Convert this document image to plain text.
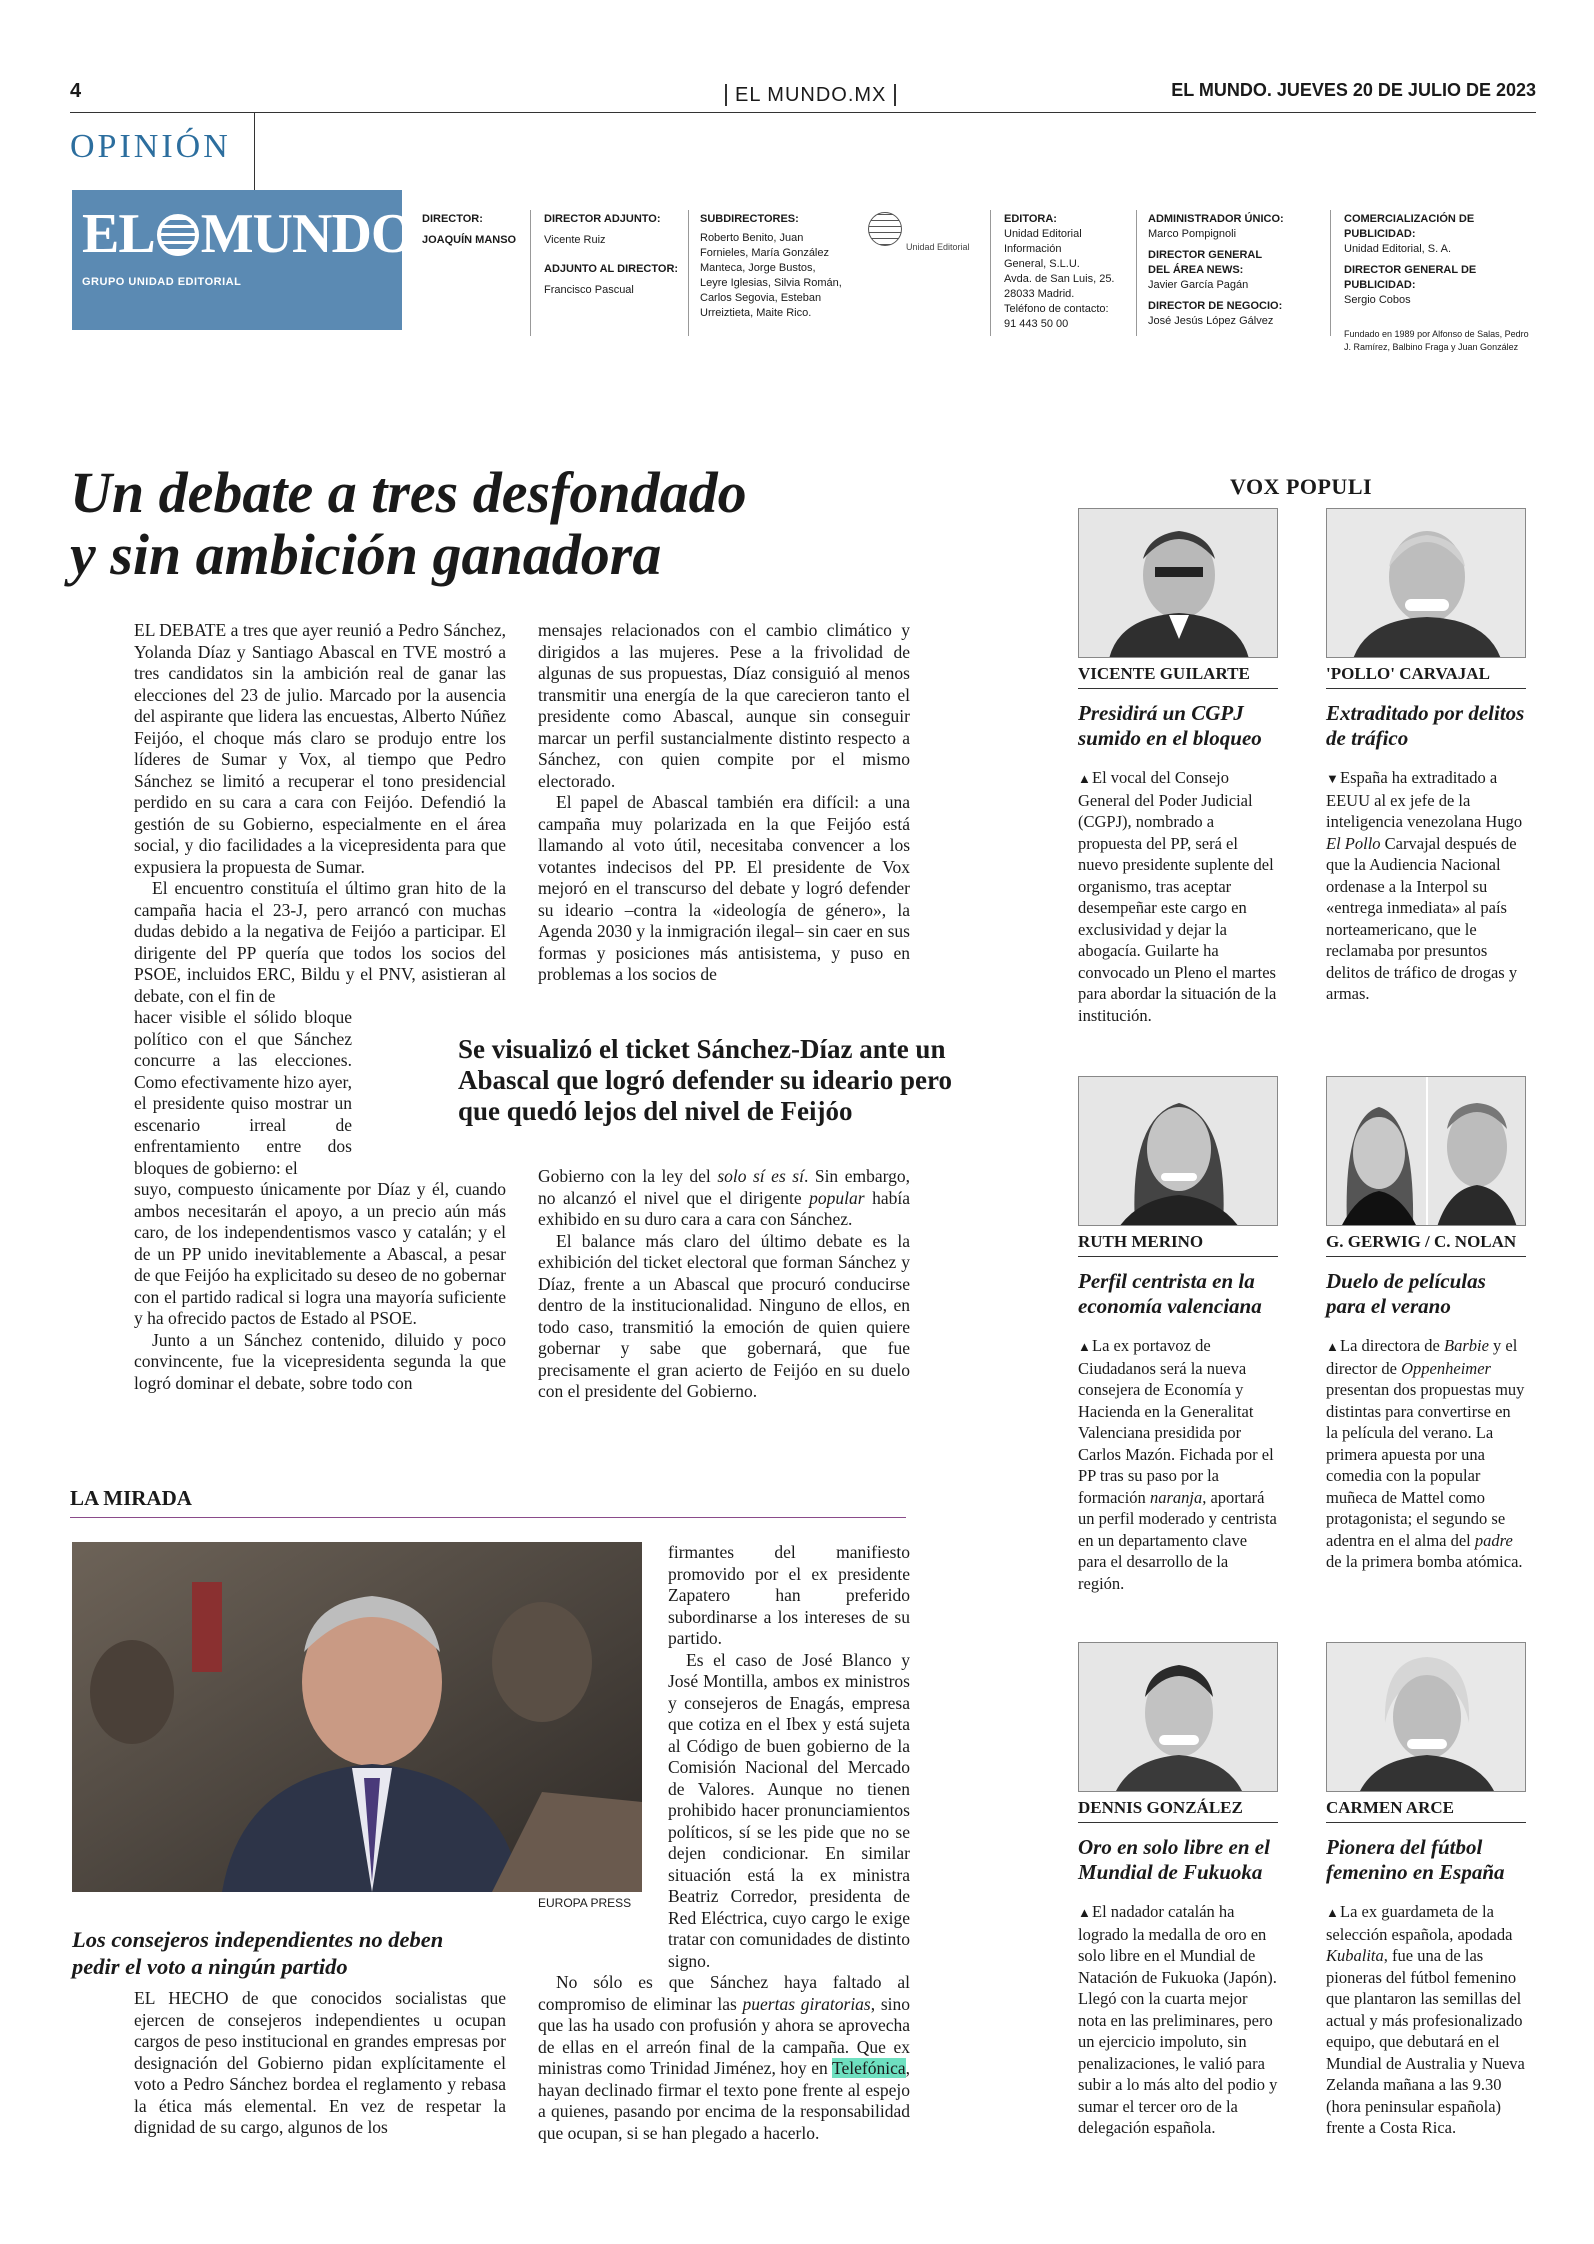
4	EL MUNDO.MX	EL MUNDO. JUEVES 20 DE JULIO DE 2023
OPINIÓN
EL MUNDO
GRUPO UNIDAD EDITORIAL
DIRECTOR:
JOAQUÍN MANSO
DIRECTOR ADJUNTO:
Vicente Ruiz
ADJUNTO AL DIRECTOR:
Francisco Pascual
SUBDIRECTORES:
Roberto Benito, Juan
Fornieles, María González
Manteca, Jorge Bustos,
Leyre Iglesias, Silvia Román,
Carlos Segovia, Esteban
Urreiztieta, Maite Rico.
Unidad Editorial
EDITORA:
Unidad Editorial
Información
General, S.L.U.
Avda. de San Luis, 25.
28033 Madrid.
Teléfono de contacto:
91 443 50 00
ADMINISTRADOR ÚNICO:
Marco Pompignoli
DIRECTOR GENERAL
DEL ÁREA NEWS:
Javier García Pagán
DIRECTOR DE NEGOCIO:
José Jesús López Gálvez
COMERCIALIZACIÓN DE PUBLICIDAD:
Unidad Editorial, S. A.
DIRECTOR GENERAL DE PUBLICIDAD:
Sergio Cobos
Fundado en 1989 por Alfonso de Salas, Pedro
J. Ramírez, Balbino Fraga y Juan González
Un debate a tres desfondado
y sin ambición ganadora

EL DEBATE a tres que ayer reunió a Pedro Sánchez, Yolanda Díaz y Santiago Abascal en TVE mostró a tres candidatos sin la ambición real de ganar las elecciones del 23 de julio. Marcado por la ausencia del aspirante que lidera las encuestas, Alberto Núñez Feijóo, el choque más claro se produjo entre los líderes de Sumar y Vox, al tiempo que Pedro Sánchez se limitó a recuperar el tono presidencial perdido en su cara a cara con Feijóo. Defendió la gestión de su Gobierno, especialmente en el área social, y dio facilidades a la vicepresidenta para que expusiera la propuesta de Sumar.

El encuentro constituía el último gran hito de la campaña hacia el 23-J, pero arrancó con muchas dudas debido a la negativa de Feijóo a participar. El dirigente del PP quería que todos los socios del PSOE, incluidos ERC, Bildu y el PNV, asistieran al debate, con el fin de

hacer visible el sólido bloque político con el que Sánchez concurre a las elecciones. Como efectivamente hizo ayer, el presidente quiso mostrar un escenario irreal de enfrentamiento entre dos bloques de gobierno: el

suyo, compuesto únicamente por Díaz y él, cuando ambos necesitarán el apoyo, a un precio aún más caro, de los independentismos vasco y catalán; y el de un PP unido inevitablemente a Abascal, a pesar de que Feijóo ha explicitado su deseo de no gobernar con el partido radical si logra una mayoría suficiente y ha ofrecido pactos de Estado al PSOE.

Junto a un Sánchez contenido, diluido y poco convincente, fue la vicepresidenta segunda la que logró dominar el debate, sobre todo con

mensajes relacionados con el cambio climático y dirigidos a las mujeres. Pese a la frivolidad de algunas de sus propuestas, Díaz consiguió al menos transmitir una energía de la que carecieron tanto el presidente como Abascal, aunque sin conseguir marcar un perfil sustancialmente distinto respecto a Sánchez, con quien compite por el mismo electorado.

El papel de Abascal también era difícil: a una campaña muy polarizada en la que Feijóo está llamando al voto útil, necesitaba convencer a los votantes indecisos del PP. El presidente de Vox mejoró en el transcurso del debate y logró defender su ideario –contra la «ideología de género», la Agenda 2030 y la inmigración ilegal– sin caer en sus formas y posiciones más antisistema, y puso en problemas a los socios de

Se visualizó el ticket Sánchez-Díaz ante un Abascal que logró defender su ideario pero que quedó lejos del nivel de Feijóo

Gobierno con la ley del solo sí es sí. Sin embargo, no alcanzó el nivel que el dirigente popular había exhibido en su duro cara a cara con Sánchez.

El balance más claro del último debate es la exhibición del ticket electoral que forman Sánchez y Díaz, frente a un Abascal que procuró conducirse dentro de la institucionalidad. Ninguno de ellos, en todo caso, transmitió la emoción de quien quiere gobernar y sabe que gobernará, que fue precisamente el gran acierto de Feijóo en su duelo con el presidente del Gobierno.

VOX POPULI
VICENTE GUILARTE
Presidirá un CGPJ sumido en el bloqueo
▲El vocal del Consejo General del Poder Judicial (CGPJ), nombrado a propuesta del PP, será el nuevo presidente suplente del organismo, tras aceptar desempeñar este cargo en exclusividad y dejar la abogacía. Guilarte ha convocado un Pleno el martes para abordar la situación de la institución.
'POLLO' CARVAJAL
Extraditado por delitos de tráfico
▼España ha extraditado a EEUU al ex jefe de la inteligencia venezolana Hugo El Pollo Carvajal después de que la Audiencia Nacional ordenase a la Interpol su «entrega inmediata» al país norteamericano, que le reclamaba por presuntos delitos de tráfico de drogas y armas.
RUTH MERINO
Perfil centrista en la economía valenciana
▲La ex portavoz de Ciudadanos será la nueva consejera de Economía y Hacienda en la Generalitat Valenciana presidida por Carlos Mazón. Fichada por el PP tras su paso por la formación naranja, aportará un perfil moderado y centrista en un departamento clave para el desarrollo de la región.
G. GERWIG / C. NOLAN
Duelo de películas para el verano
▲La directora de Barbie y el director de Oppenheimer presentan dos propuestas muy distintas para convertirse en la película del verano. La primera apuesta por una comedia con la popular muñeca de Mattel como protagonista; el segundo se adentra en el alma del padre de la primera bomba atómica.
DENNIS GONZÁLEZ
Oro en solo libre en el Mundial de Fukuoka
▲El nadador catalán ha logrado la medalla de oro en solo libre en el Mundial de Natación de Fukuoka (Japón). Llegó con la cuarta mejor nota en las preliminares, pero un ejercicio impoluto, sin penalizaciones, le valió para subir a lo más alto del podio y sumar el tercer oro de la delegación española.
CARMEN ARCE
Pionera del fútbol femenino en España
▲La ex guardameta de la selección española, apodada Kubalita, fue una de las pioneras del fútbol femenino que plantaron las semillas del actual y más profesionalizado equipo, que debutará en el Mundial de Australia y Nueva Zelanda mañana a las 9.30 (hora peninsular española) frente a Costa Rica.
LA MIRADA
EUROPA PRESS
Los consejeros independientes no deben pedir el voto a ningún partido

EL HECHO de que conocidos socialistas que ejercen de consejeros independientes u ocupan cargos de peso institucional en grandes empresas por designación del Gobierno pidan explícitamente el voto a Pedro Sánchez bordea el reglamento y rebasa la ética más elemental. En vez de respetar la dignidad de su cargo, algunos de los

firmantes del manifiesto promovido por el ex presidente Zapatero han preferido subordinarse a los intereses de su partido.

Es el caso de José Blanco y José Montilla, ambos ex ministros y consejeros de Enagás, empresa que cotiza en el Ibex y está sujeta al Código de buen gobierno de la Comisión Nacional del Mercado de Valores. Aunque no tienen prohibido hacer pronunciamientos políticos, sí se les pide que no se dejen condicionar. En similar situación está la ex ministra Beatriz Corredor, presidenta de Red Eléctrica, cuyo cargo le exige tratar con comunidades de distinto signo.

No sólo es que Sánchez haya faltado al compromiso de eliminar las puertas giratorias, sino que las ha usado con profusión y ahora se aprovecha de ellas en el arreón final de la campaña. Que ex ministras como Trinidad Jiménez, hoy en Telefónica, hayan declinado firmar el texto pone frente al espejo a quienes, pasando por encima de la responsabilidad que ocupan, si se han plegado a hacerlo.
